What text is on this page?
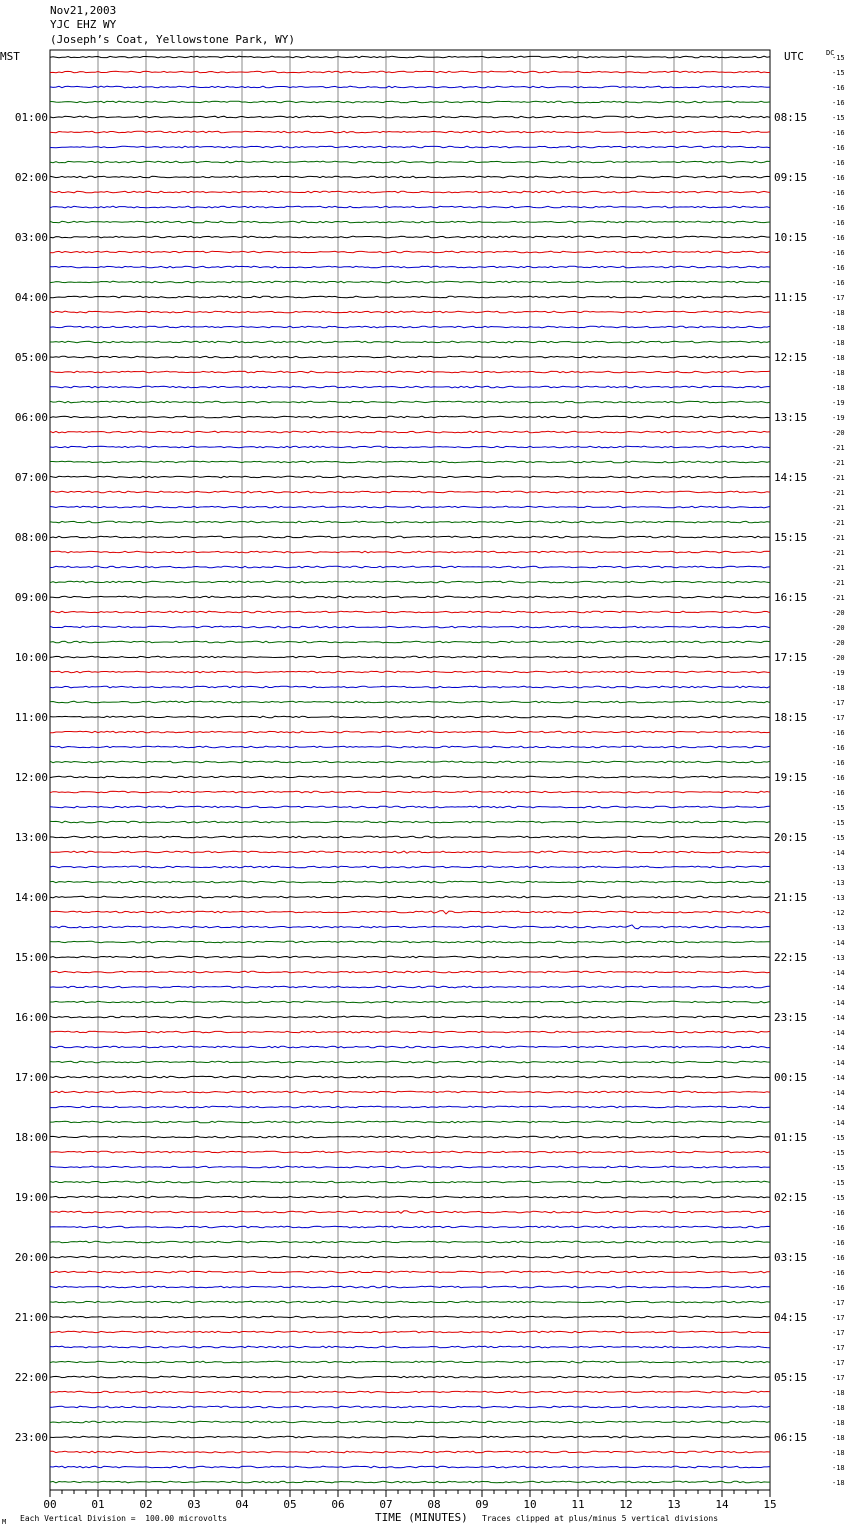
Nov21,2003
YJC EHZ WY
(Joseph’s Coat, Yellowstone Park, WY)
MST	UTC	DC
01:00
02:00
03:00
04:00
05:00
06:00
07:00
08:00
09:00
10:00
11:00
12:00
13:00
14:00
15:00
16:00
17:00
18:00
19:00
20:00
21:00
22:00
23:00
08:15
09:15
10:15
11:15
12:15
13:15
14:15
15:15
16:15
17:15
18:15
19:15
20:15
21:15
22:15
23:15
00:15
01:15
02:15
03:15
04:15
05:15
06:15
-15
-15
-16
-16
-15
-16
-16
-16
-16
-16
-16
-16
-16
-16
-16
-16
-17
-18
-18
-18
-18
-18
-18
-19
-19
-20
-21
-21
-21
-21
-21
-21
-21
-21
-21
-21
-21
-20
-20
-20
-20
-19
-18
-17
-17
-16
-16
-16
-16
-16
-15
-15
-15
-14
-13
-13
-13
-12
-13
-14
-13
-14
-14
-14
-14
-14
-14
-14
-14
-14
-14
-14
-15
-15
-15
-15
-15
-16
-16
-16
-16
-16
-16
-17
-17
-17
-17
-17
-17
-18
-18
-18
-18
-18
-18
-18
00	01	02	03	04	05	06	07	08	09	10	11	12	13	14	15
M Each Vertical Division =  100.00 microvolts	TIME (MINUTES) Traces clipped at plus/minus 5 vertical divisions
